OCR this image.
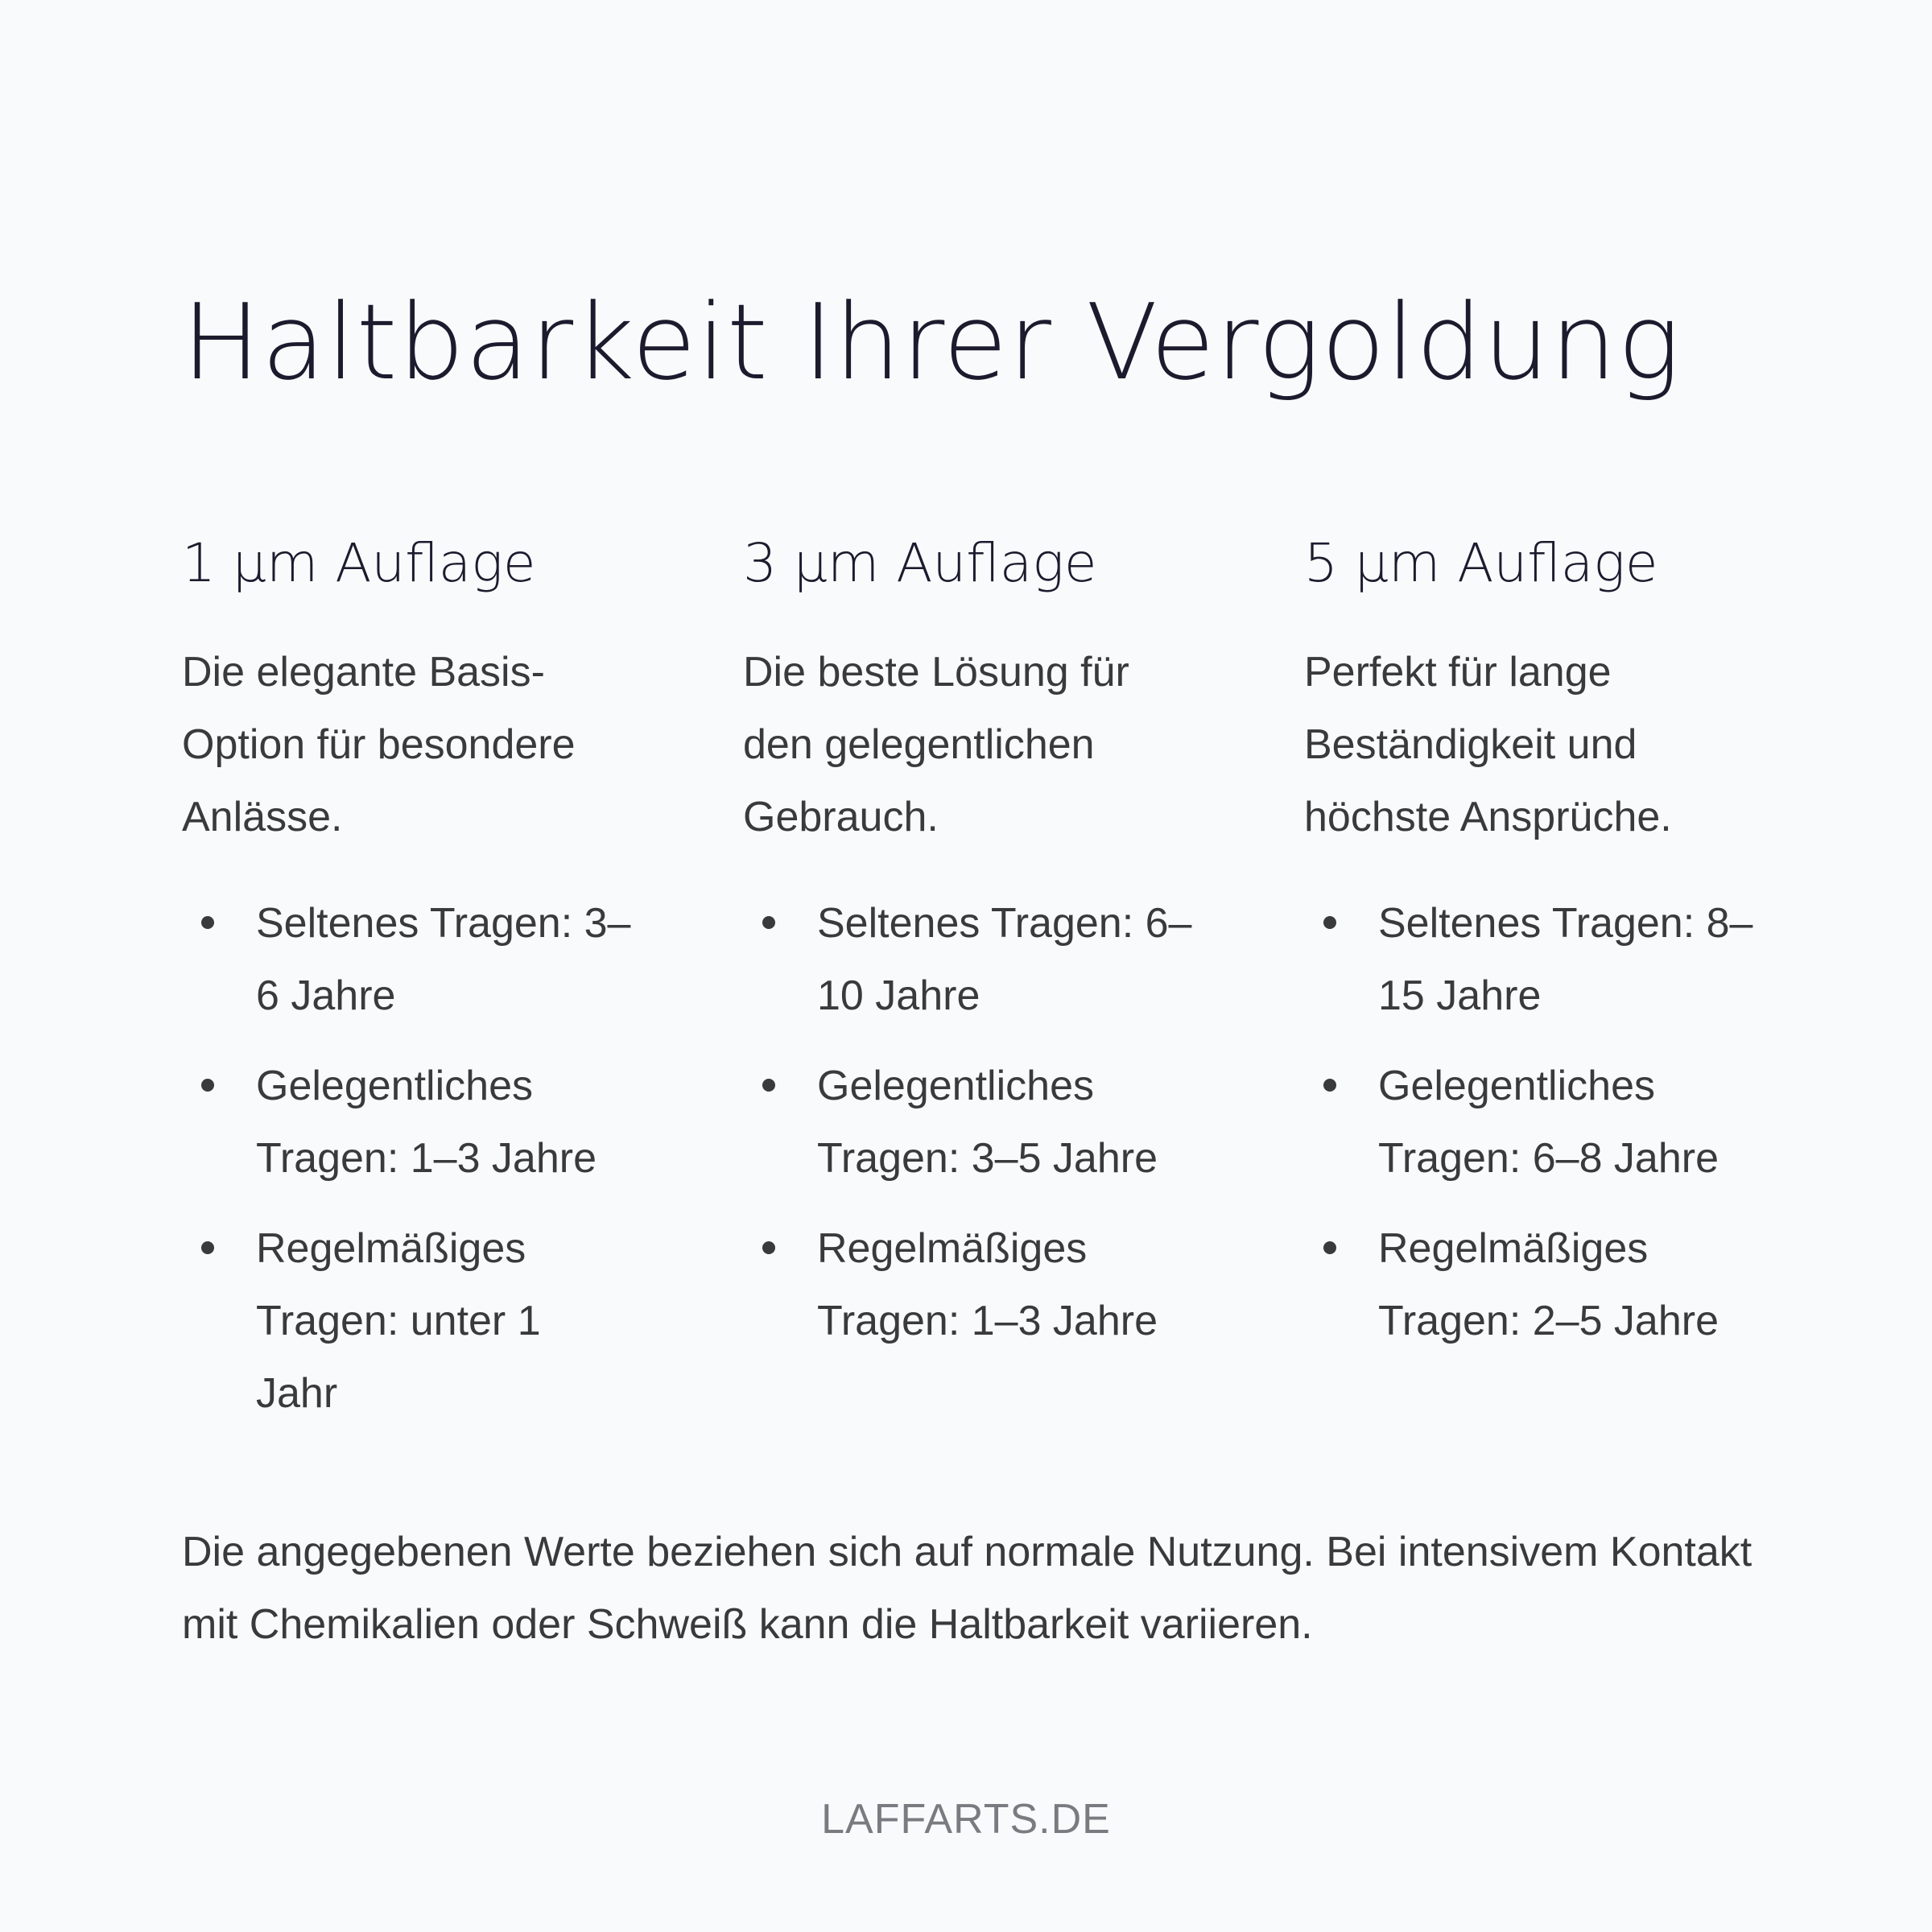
Haltbarkeit Ihrer Vergoldung
1 µm Auflage

Die elegante Basis-Option für besondere Anlässe.

Seltenes Tragen: 3–6 Jahre
Gelegentliches Tragen: 1–3 Jahre
Regelmäßiges Tragen: unter 1 Jahr
3 µm Auflage

Die beste Lösung für den gelegentlichen Gebrauch.

Seltenes Tragen: 6–10 Jahre
Gelegentliches Tragen: 3–5 Jahre
Regelmäßiges Tragen: 1–3 Jahre
5 µm Auflage

Perfekt für lange Beständigkeit und höchste Ansprüche.

Seltenes Tragen: 8–15 Jahre
Gelegentliches Tragen: 6–8 Jahre
Regelmäßiges Tragen: 2–5 Jahre

Die angegebenen Werte beziehen sich auf normale Nutzung. Bei intensivem Kontakt mit Chemikalien oder Schweiß kann die Haltbarkeit variieren.

LAFFARTS.DE
